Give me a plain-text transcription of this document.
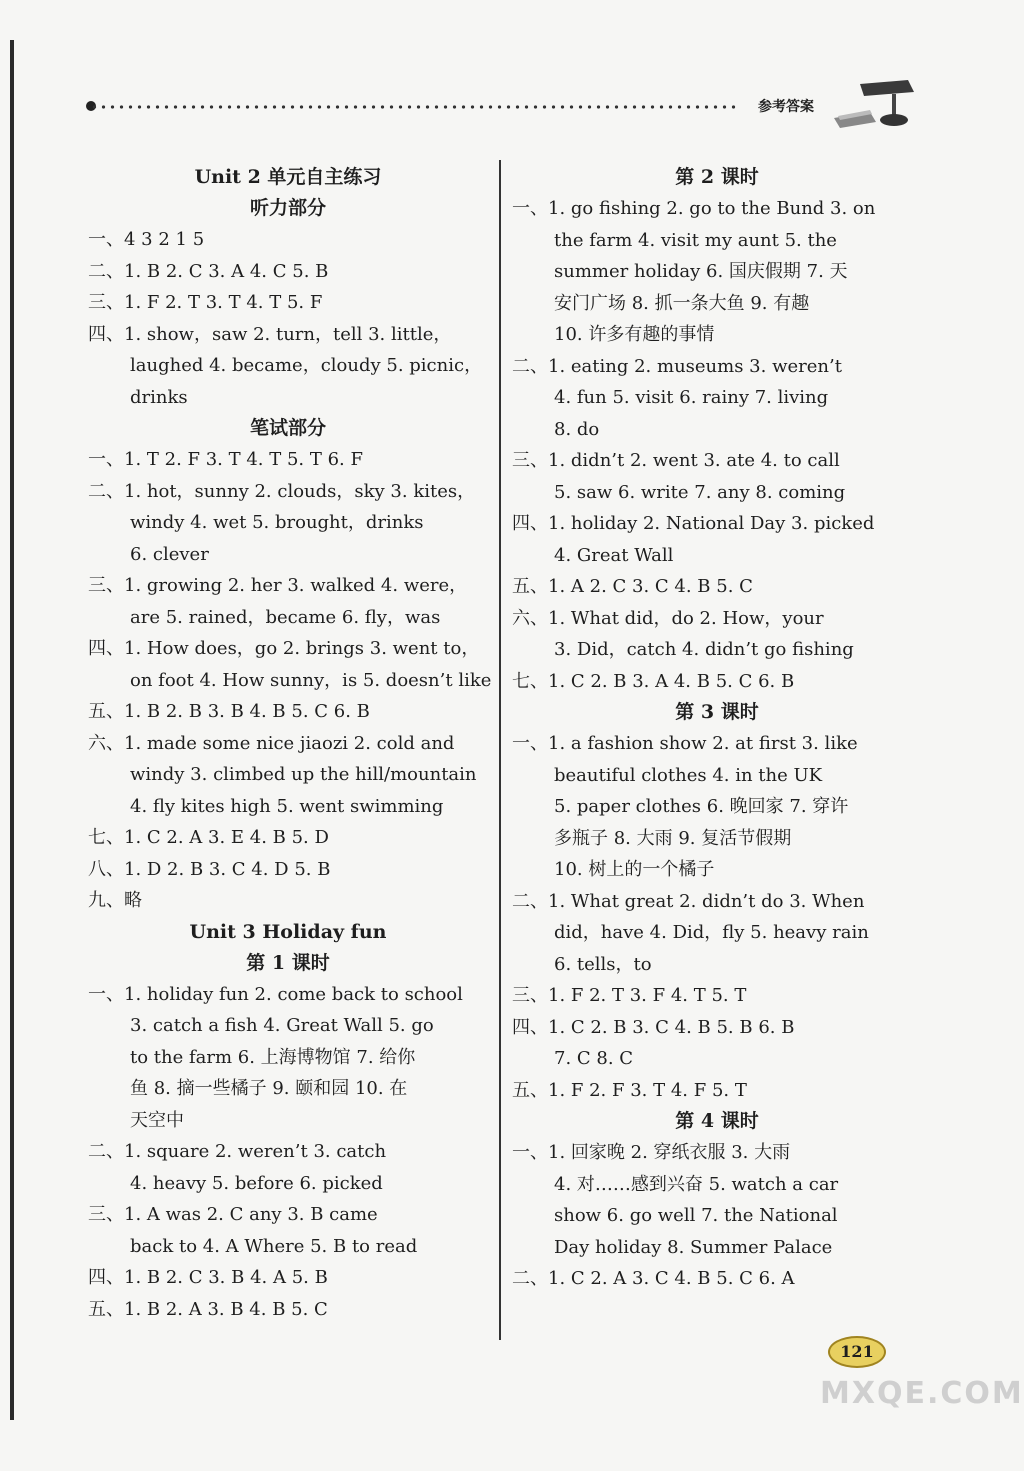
参考答案
Unit 2 单元自主练习
听力部分
一、4 3 2 1 5
二、1. B 2. C 3. A 4. C 5. B
三、1. F 2. T 3. T 4. T 5. F
四、1. show，saw 2. turn，tell 3. little，
laughed 4. became，cloudy 5. picnic，
drinks
笔试部分
一、1. T 2. F 3. T 4. T 5. T 6. F
二、1. hot，sunny 2. clouds，sky 3. kites，
windy 4. wet 5. brought，drinks
6. clever
三、1. growing 2. her 3. walked 4. were，
are 5. rained，became 6. fly，was
四、1. How does，go 2. brings 3. went to，
on foot 4. How sunny，is 5. doesn’t like
五、1. B 2. B 3. B 4. B 5. C 6. B
六、1. made some nice jiaozi 2. cold and
windy 3. climbed up the hill/mountain
4. fly kites high 5. went swimming
七、1. C 2. A 3. E 4. B 5. D
八、1. D 2. B 3. C 4. D 5. B
九、略
Unit 3 Holiday fun
第 1 课时
一、1. holiday fun 2. come back to school
3. catch a fish 4. Great Wall 5. go
to the farm 6. 上海博物馆 7. 给你
鱼 8. 摘一些橘子 9. 颐和园 10. 在
天空中
二、1. square 2. weren’t 3. catch
4. heavy 5. before 6. picked
三、1. A was 2. C any 3. B came
back to 4. A Where 5. B to read
四、1. B 2. C 3. B 4. A 5. B
五、1. B 2. A 3. B 4. B 5. C
第 2 课时
一、1. go fishing 2. go to the Bund 3. on
the farm 4. visit my aunt 5. the
summer holiday 6. 国庆假期 7. 天
安门广场 8. 抓一条大鱼 9. 有趣
10. 许多有趣的事情
二、1. eating 2. museums 3. weren’t
4. fun 5. visit 6. rainy 7. living
8. do
三、1. didn’t 2. went 3. ate 4. to call
5. saw 6. write 7. any 8. coming
四、1. holiday 2. National Day 3. picked
4. Great Wall
五、1. A 2. C 3. C 4. B 5. C
六、1. What did，do 2. How，your
3. Did，catch 4. didn’t go fishing
七、1. C 2. B 3. A 4. B 5. C 6. B
第 3 课时
一、1. a fashion show 2. at first 3. like
beautiful clothes 4. in the UK
5. paper clothes 6. 晚回家 7. 穿许
多瓶子 8. 大雨 9. 复活节假期
10. 树上的一个橘子
二、1. What great 2. didn’t do 3. When
did，have 4. Did，fly 5. heavy rain
6. tells，to
三、1. F 2. T 3. F 4. T 5. T
四、1. C 2. B 3. C 4. B 5. B 6. B
7. C 8. C
五、1. F 2. F 3. T 4. F 5. T
第 4 课时
一、1. 回家晚 2. 穿纸衣服 3. 大雨
4. 对……感到兴奋 5. watch a car
show 6. go well 7. the National
Day holiday 8. Summer Palace
二、1. C 2. A 3. C 4. B 5. C 6. A
121
MXQE.COM
